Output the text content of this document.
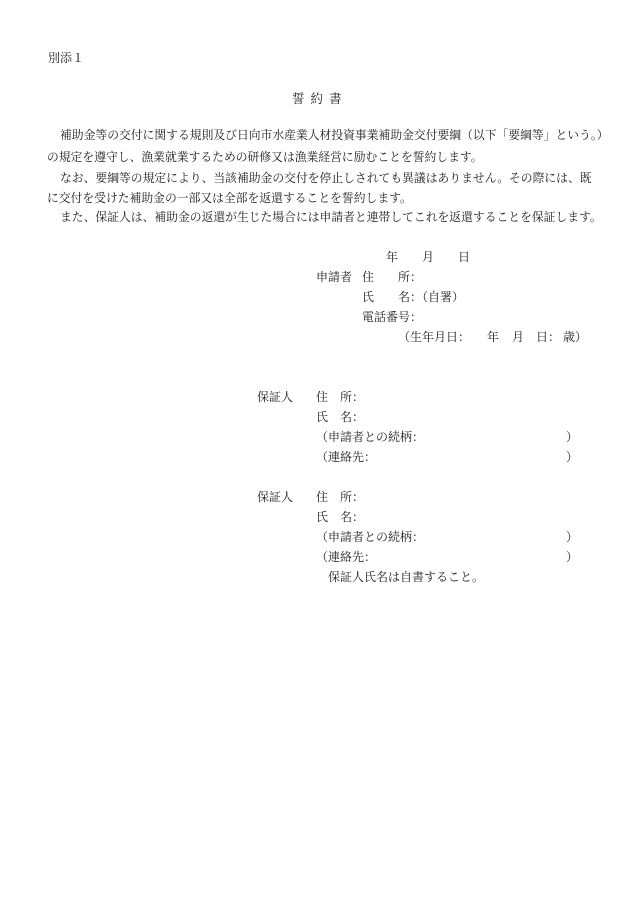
別添１
誓約書
補助金等の交付に関する規則及び日向市水産業人材投資事業補助金交付要綱（以下「要綱等」という。）
の規定を遵守し、漁業就業するための研修又は漁業経営に励むことを誓約します。
なお、要綱等の規定により、当該補助金の交付を停止しされても異議はありません。その際には、既
に交付を受けた補助金の一部又は全部を返還することを誓約します。
また、保証人は、補助金の返還が生じた場合には申請者と連帯してこれを返還することを保証します。
年 月 日
申請者 住　　所：
氏　　名：（自署）
電話番号：
（生年月日： 年 月 日： 歳）
保証人 住　所：
氏　名：
（申請者との続柄：	）
（連絡先：	）
保証人 住　所：
氏　名：
（申請者との続柄：	）
（連絡先：	）
保証人氏名は自書すること。
